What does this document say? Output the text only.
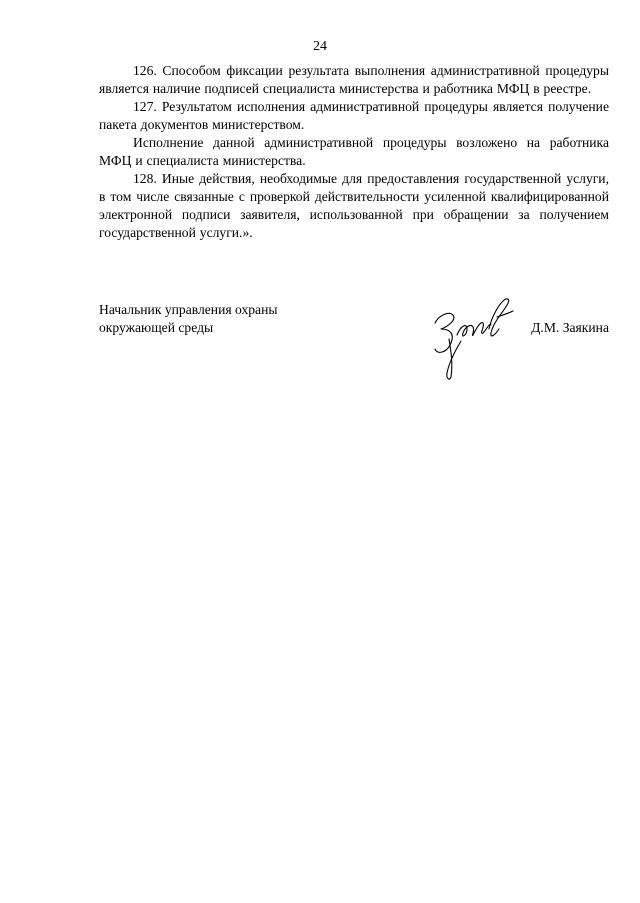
24

126. Способом фиксации результата выполнения административной процедуры является наличие подписей специалиста министерства и работника МФЦ в реестре.

127. Результатом исполнения административной процедуры является получение пакета документов министерством.

Исполнение данной административной процедуры возложено на работника МФЦ и специалиста министерства.

128. Иные действия, необходимые для предоставления государственной услуги, в том числе связанные с проверкой действительности усиленной квалифицированной электронной подписи заявителя, использованной при обращении за получением государственной услуги.».

Начальник управления охраны
окружающей среды	Д.М. Заякина
